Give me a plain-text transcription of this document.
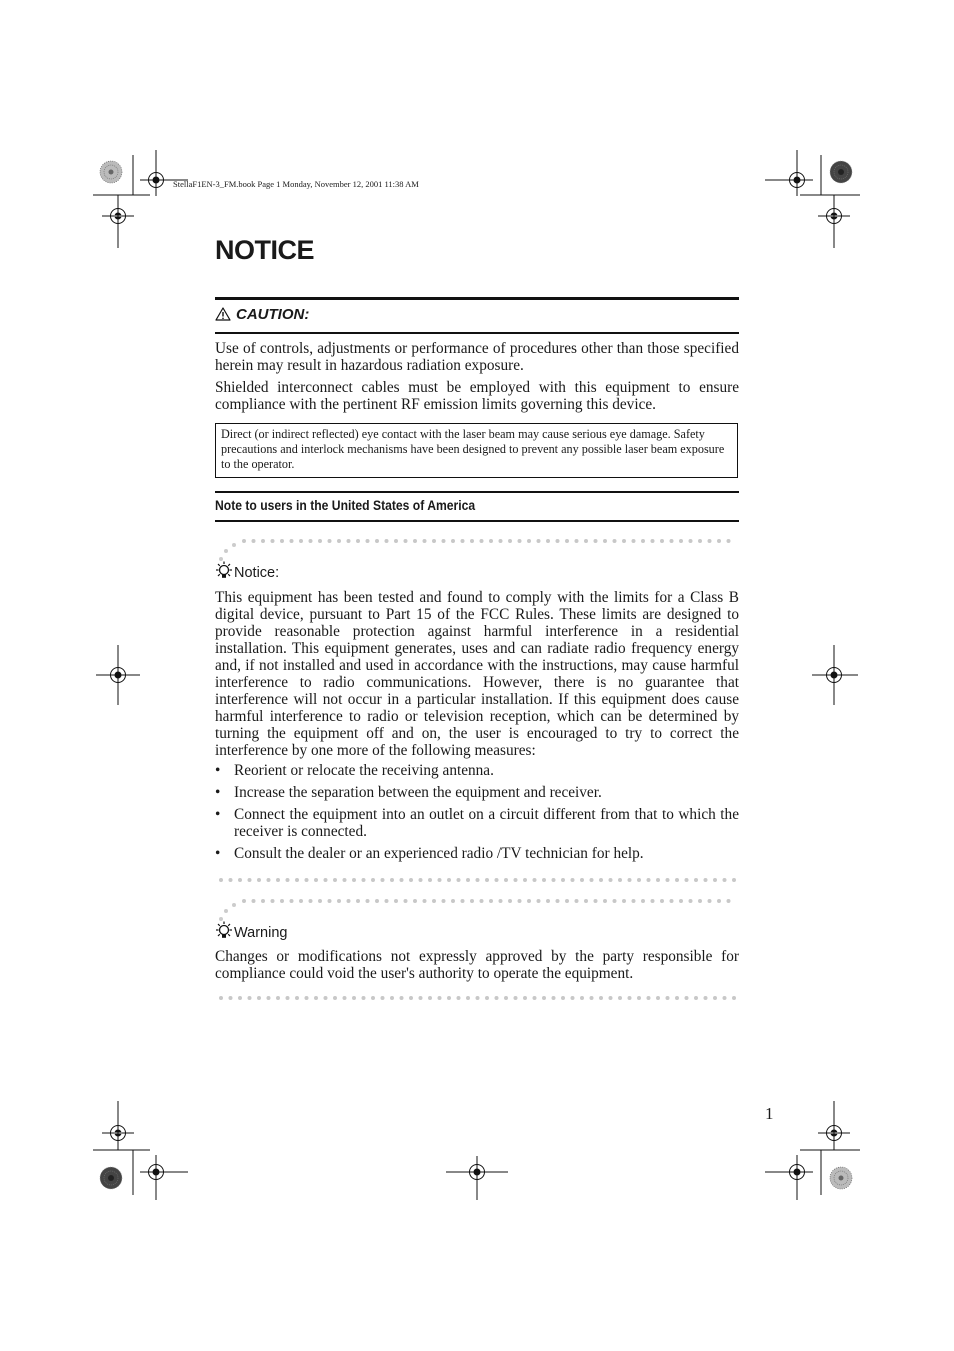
StellaF1EN-3_FM.book Page 1 Monday, November 12, 2001 11:38 AM
NOTICE
CAUTION:

Use of controls, adjustments or performance of procedures other than those specified herein may result in hazardous radiation exposure.

Shielded interconnect cables must be employed with this equipment to ensure compliance with the pertinent RF emission limits governing this device.

Direct (or indirect reflected) eye contact with the laser beam may cause serious eye damage. Safety precautions and interlock mechanisms have been designed to prevent any possible laser beam exposure to the operator.
Note to users in the United States of America
Notice:

This equipment has been tested and found to comply with the limits for a Class B digital device, pursuant to Part 15 of the FCC Rules. These limits are designed to provide reasonable protection against harmful interference in a residential installation. This equipment generates, uses and can radiate radio frequency energy and, if not installed and used in accordance with the instructions, may cause harmful interference to radio communications. However, there is no guarantee that interference will not occur in a particular installation. If this equipment does cause harmful interference to radio or television reception, which can be determined by turning the equipment off and on, the user is encouraged to try to correct the interference by one more of the following measures:

• Reorient or relocate the receiving antenna.
• Increase the separation between the equipment and receiver.
• Connect the equipment into an outlet on a circuit different from that to which the receiver is connected.
• Consult the dealer or an experienced radio /TV technician for help.
Warning

Changes or modifications not expressly approved by the party responsible for compliance could void the user's authority to operate the equipment.

1
